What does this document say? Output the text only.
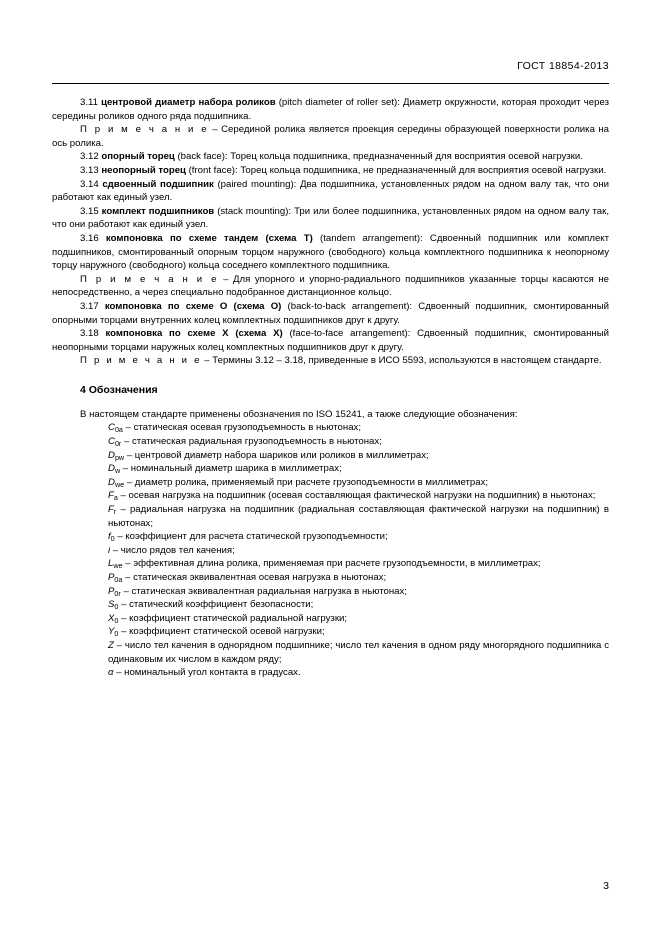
ГОСТ 18854-2013

3.11 центровой диаметр набора роликов (pitch diameter of roller set): Диаметр окружности, которая проходит через середины роликов одного ряда подшипника.

П р и м е ч а н и е – Серединой ролика является проекция середины образующей поверхности ролика на ось ролика.

3.12 опорный торец (back face): Торец кольца подшипника, предназначенный для восприятия осевой нагрузки.

3.13 неопорный торец (front face): Торец кольца подшипника, не предназначенный для восприятия осевой нагрузки.

3.14 сдвоенный подшипник (paired mounting): Два подшипника, установленных рядом на одном валу так, что они работают как единый узел.

3.15 комплект подшипников (stack mounting): Три или более подшипника, установленных рядом на одном валу так, что они работают как единый узел.

3.16 компоновка по схеме тандем (схема Т) (tandem arrangement): Сдвоенный подшипник или комплект подшипников, смонтированный опорным торцом наружного (свободного) кольца комплектного подшипника к неопорному торцу наружного (свободного) кольца соседнего комплектного подшипника.

П р и м е ч а н и е – Для упорного и упорно-радиального подшипников указанные торцы касаются не непосредственно, а через специально подобранное дистанционное кольцо.

3.17 компоновка по схеме О (схема О) (back-to-back arrangement): Сдвоенный подшипник, смонтированный опорными торцами внутренних колец комплектных подшипников друг к другу.

3.18 компоновка по схеме Х (схема Х) (face-to-face arrangement): Сдвоенный подшипник, смонтированный неопорными торцами наружных колец комплектных подшипников друг к другу.

П р и м е ч а н и е – Термины 3.12 – 3.18, приведенные в ИСО 5593, используются в настоящем стандарте.

4 Обозначения

В настоящем стандарте применены обозначения по ISO 15241, а также следующие обозначения:

$C_{0a}$ – статическая осевая грузоподъемность в ньютонах;
$C_{0r}$ – статическая радиальная грузоподъемность в ньютонах;
$D_{pw}$ – центровой диаметр набора шариков или роликов в миллиметрах;
$D_w$ – номинальный диаметр шарика в миллиметрах;
$D_{we}$ – диаметр ролика, применяемый при расчете грузоподъемности в миллиметрах;
$F_a$ – осевая нагрузка на подшипник (осевая составляющая фактической нагрузки на подшипник) в ньютонах;
$F_r$ – радиальная нагрузка на подшипник (радиальная составляющая фактической нагрузки на подшипник) в ньютонах;
$f_0$ – коэффициент для расчета статической грузоподъемности;
i – число рядов тел качения;
$L_{we}$ – эффективная длина ролика, применяемая при расчете грузоподъемности, в миллиметрах;
$P_{0a}$ – статическая эквивалентная осевая нагрузка в ньютонах;
$P_{0r}$ – статическая эквивалентная радиальная нагрузка в ньютонах;
$S_0$ – статический коэффициент безопасности;
$X_0$ – коэффициент статической радиальной нагрузки;
$Y_0$ – коэффициент статической осевой нагрузки;
Z – число тел качения в однорядном подшипнике; число тел качения в одном ряду многорядного подшипника с одинаковым их числом в каждом ряду;
α – номинальный угол контакта в градусах.
3
